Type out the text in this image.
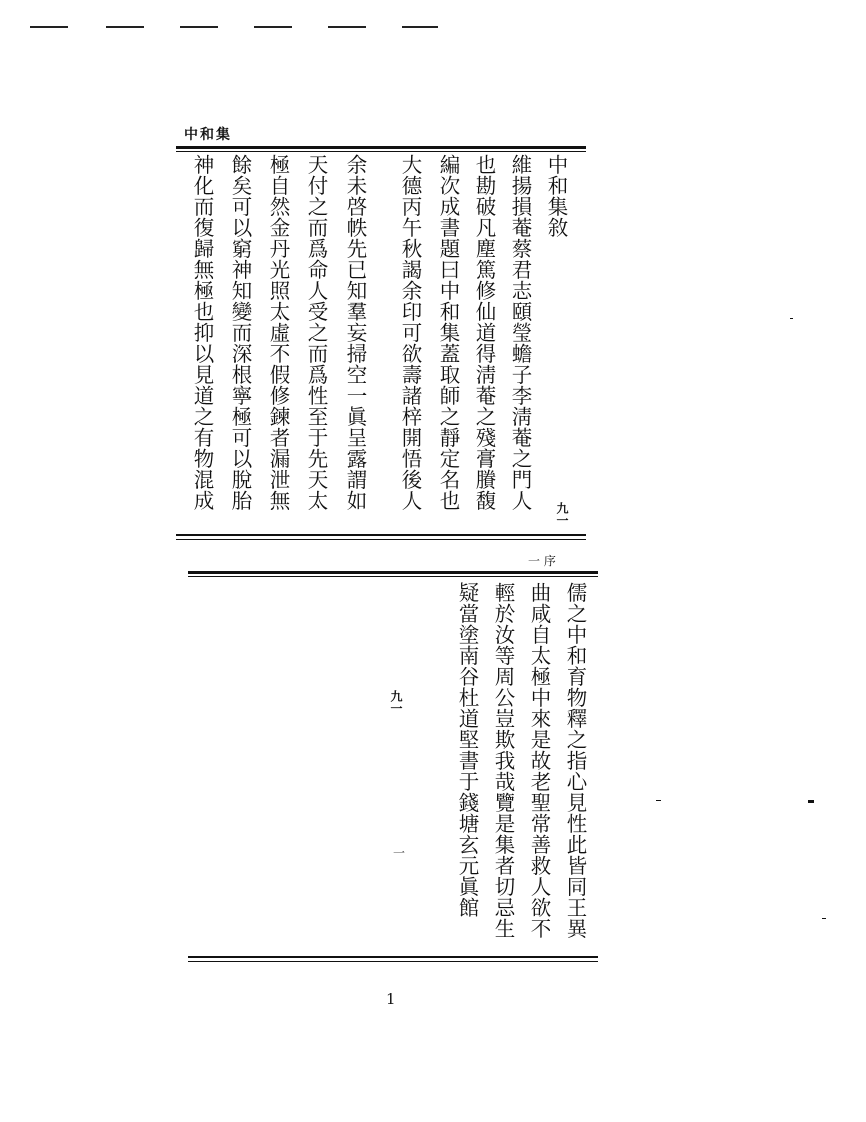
中和集
中和集敘
維揚損菴蔡君志頤瑩蟾子李淸菴之門人
也勘破凡塵篤修仙道得淸菴之殘膏賸馥
編次成書題曰中和集蓋取師之靜定名也
大德丙午秋謁余印可欲壽諸梓開悟後人
余未啓帙先已知羣妄掃空一眞呈露謂如
天付之而爲命人受之而爲性至于先天太
極自然金丹光照太虛不假修鍊者漏泄無
餘矣可以窮神知變而深根寧極可以脫胎
神化而復歸無極也抑以見道之有物混成
九一
一 序
儒之中和育物釋之指心見性此皆同王異
曲咸自太極中來是故老聖常善救人欲不
輕於汝等周公豈欺我哉覽是集者切忌生
疑當塗南谷杜道堅書于錢塘玄元眞館
九一
一
1
